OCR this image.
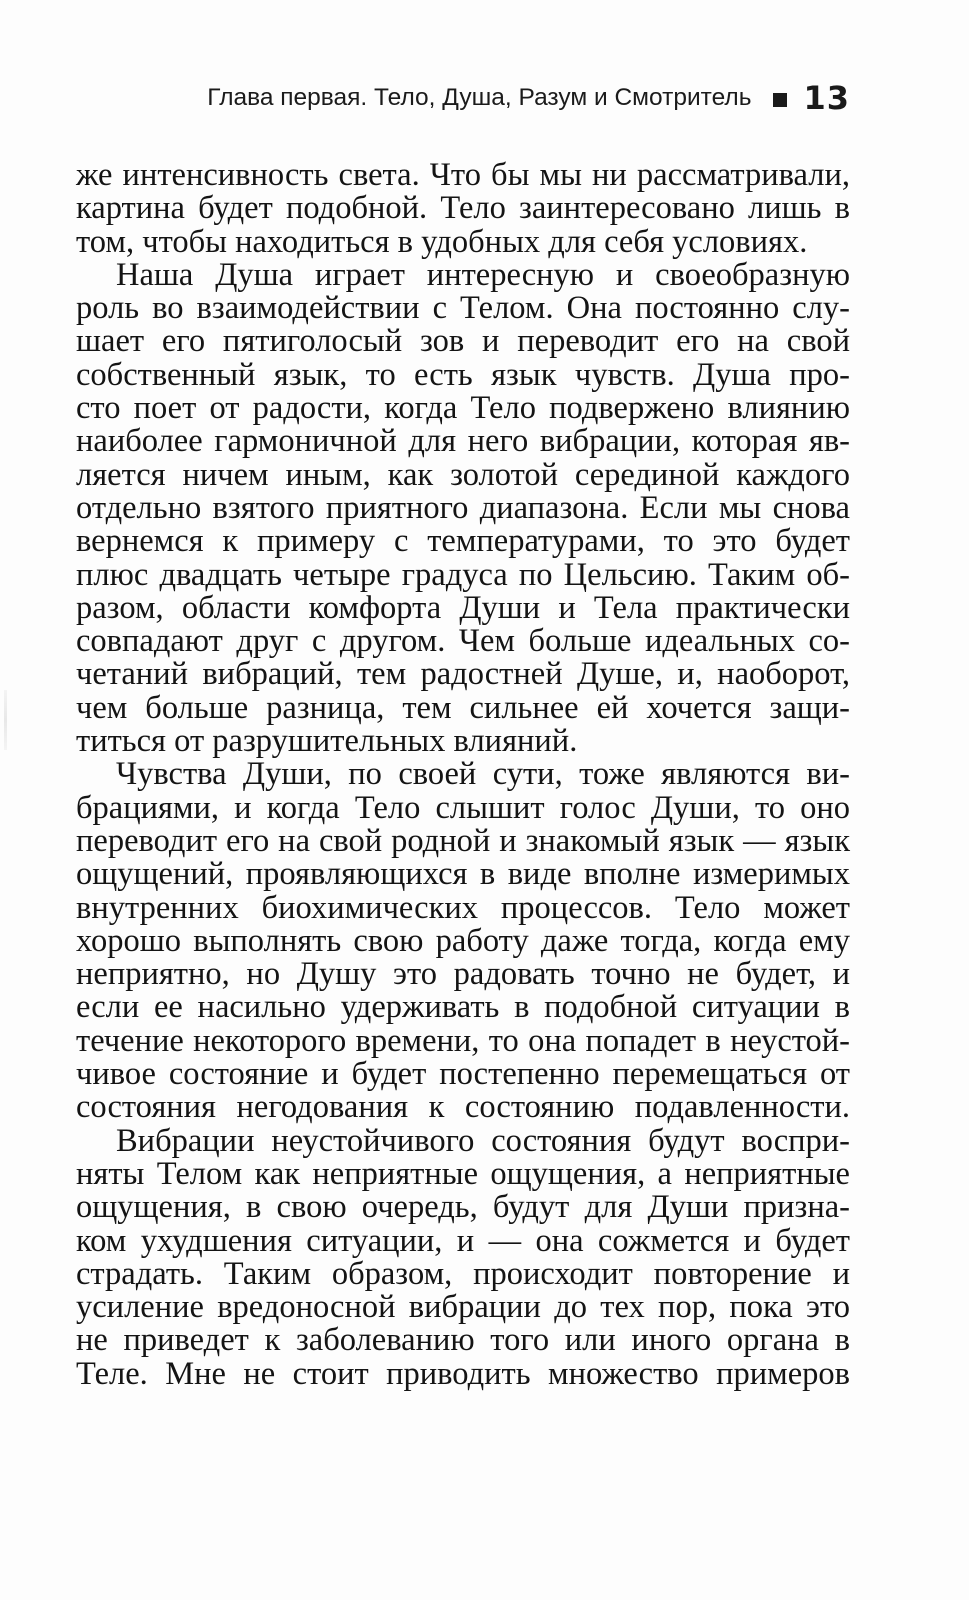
Глава первая. Тело, Душа, Разум и Смотритель 13
же интенсивность света. Что бы мы ни рассматривали,
картина будет подобной. Тело заинтересовано лишь в
том, чтобы находиться в удобных для себя условиях.
Наша Душа играет интересную и своеобразную
роль во взаимодействии с Телом. Она постоянно слу-
шает его пятиголосый зов и переводит его на свой
собственный язык, то есть язык чувств. Душа про-
сто поет от радости, когда Тело подвержено влиянию
наиболее гармоничной для него вибрации, которая яв-
ляется ничем иным, как золотой серединой каждого
отдельно взятого приятного диапазона. Если мы снова
вернемся к примеру с температурами, то это будет
плюс двадцать четыре градуса по Цельсию. Таким об-
разом, области комфорта Души и Тела практически
совпадают друг с другом. Чем больше идеальных со-
четаний вибраций, тем радостней Душе, и, наоборот,
чем больше разница, тем сильнее ей хочется защи-
титься от разрушительных влияний.
Чувства Души, по своей сути, тоже являются ви-
брациями, и когда Тело слышит голос Души, то оно
переводит его на свой родной и знакомый язык — язык
ощущений, проявляющихся в виде вполне измеримых
внутренних биохимических процессов. Тело может
хорошо выполнять свою работу даже тогда, когда ему
неприятно, но Душу это радовать точно не будет, и
если ее насильно удерживать в подобной ситуации в
течение некоторого времени, то она попадет в неустой-
чивое состояние и будет постепенно перемещаться от
состояния негодования к состоянию подавленности.
Вибрации неустойчивого состояния будут воспри-
няты Телом как неприятные ощущения, а неприятные
ощущения, в свою очередь, будут для Души призна-
ком ухудшения ситуации, и — она сожмется и будет
страдать. Таким образом, происходит повторение и
усиление вредоносной вибрации до тех пор, пока это
не приведет к заболеванию того или иного органа в
Теле. Мне не стоит приводить множество примеров
